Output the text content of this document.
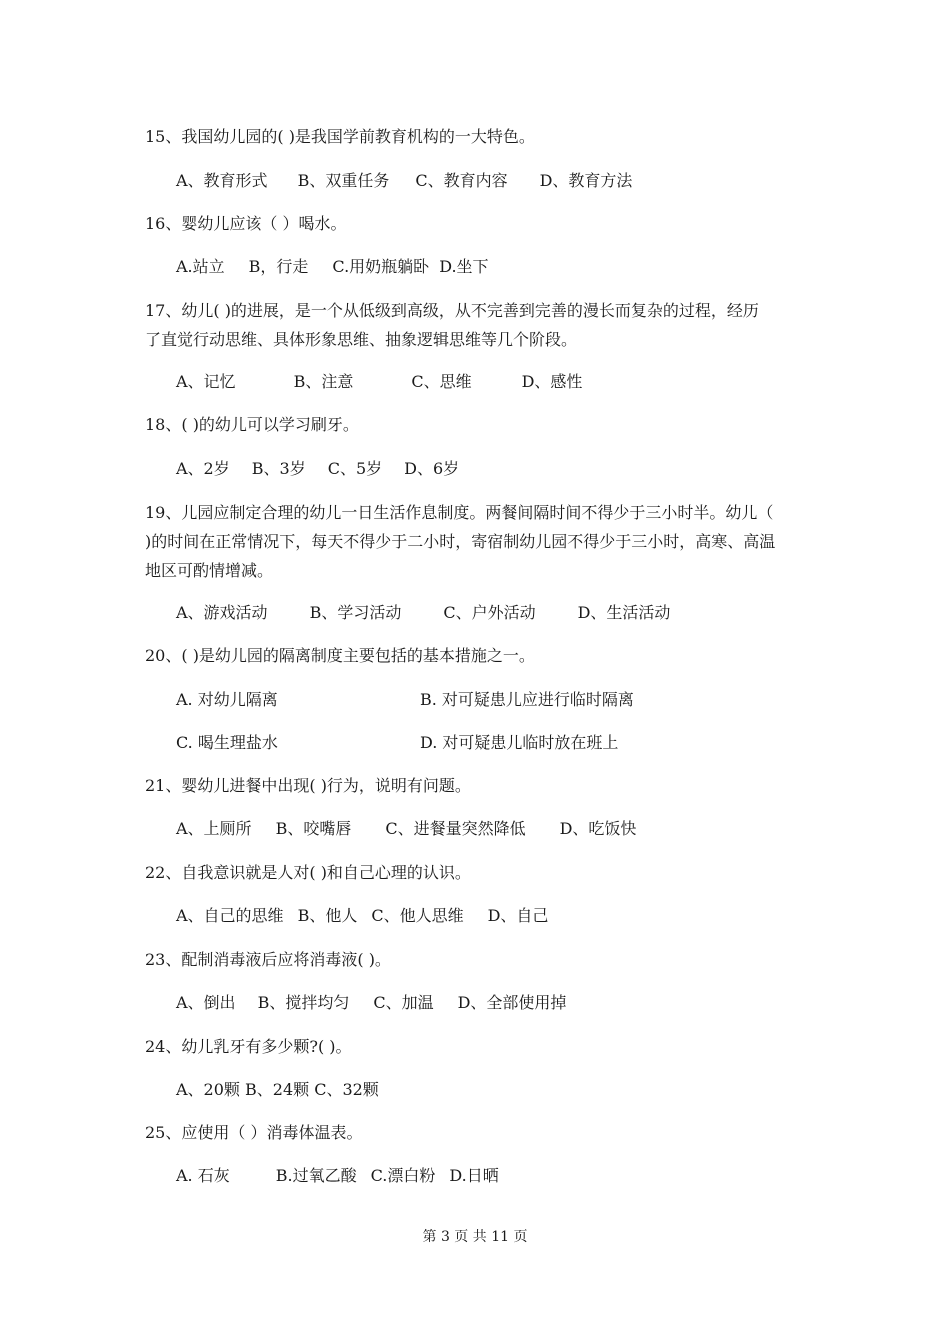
15、我国幼儿园的( )是我国学前教育机构的一大特色。
A、教育形式 B、双重任务 C、教育内容 D、教育方法
16、婴幼儿应该（ ）喝水。
A.站立 B，行走 C.用奶瓶躺卧 D.坐下
17、幼儿( )的进展，是一个从低级到高级，从不完善到完善的漫长而复杂的过程，经历
了直觉行动思维、具体形象思维、抽象逻辑思维等几个阶段。
A、记忆	B、注意	C、思维	D、感性
18、( )的幼儿可以学习刷牙。
A、2岁 B、3岁 C、5岁 D、6岁
19、儿园应制定合理的幼儿一日生活作息制度。两餐间隔时间不得少于三小时半。幼儿（
)的时间在正常情况下，每天不得少于二小时，寄宿制幼儿园不得少于三小时，高寒、高温
地区可酌情增减。
A、游戏活动	B、学习活动	C、户外活动	D、生活活动
20、( )是幼儿园的隔离制度主要包括的基本措施之一。
A. 对幼儿隔离	B. 对可疑患儿应进行临时隔离
C. 喝生理盐水	D. 对可疑患儿临时放在班上
21、婴幼儿进餐中出现( )行为，说明有问题。
A、上厕所 B、咬嘴唇 C、进餐量突然降低 D、吃饭快
22、自我意识就是人对( )和自己心理的认识。
A、自己的思维 B、他人 C、他人思维 D、自己
23、配制消毒液后应将消毒液( )。
A、倒出 B、搅拌均匀 C、加温 D、全部使用掉
24、幼儿乳牙有多少颗?( )。
A、20颗 B、24颗 C、32颗
25、应使用（ ）消毒体温表。
A. 石灰	B.过氧乙酸 C.漂白粉 D.日晒
第 3 页 共 11 页
